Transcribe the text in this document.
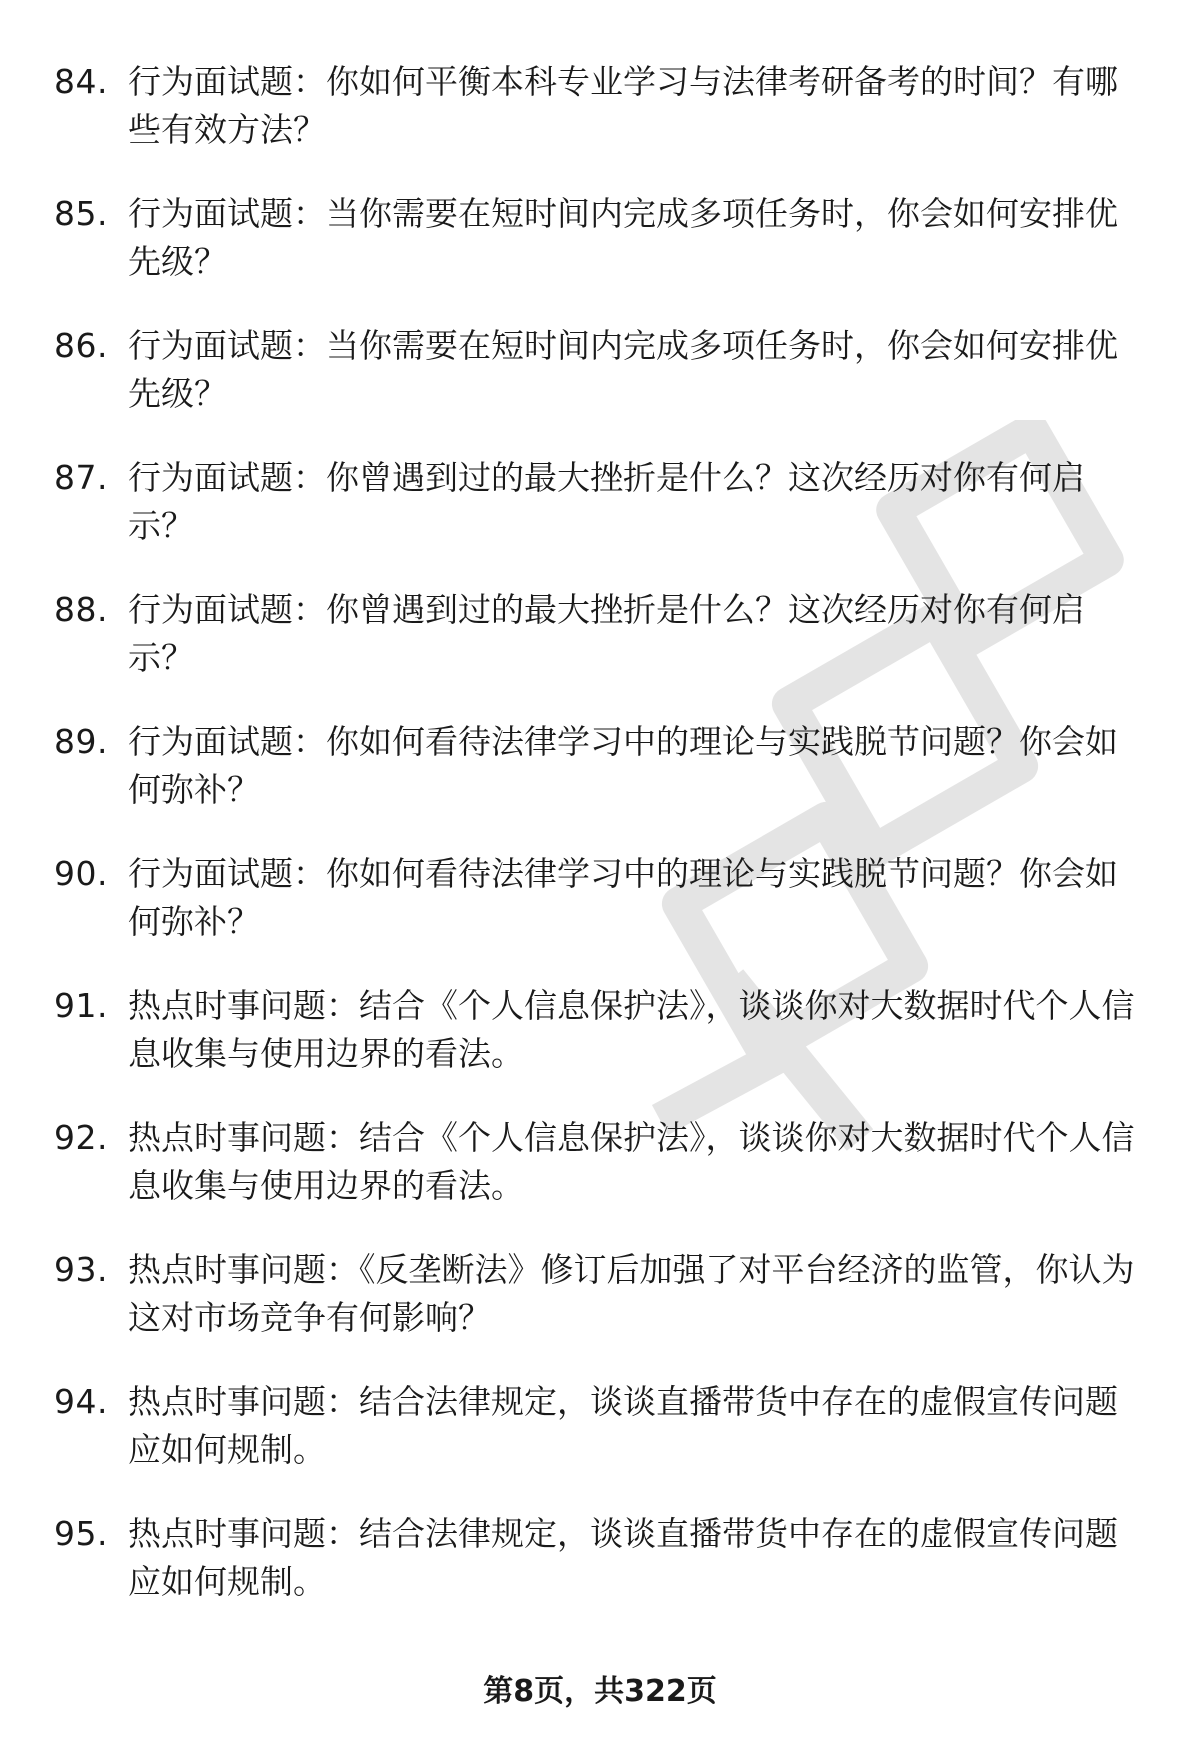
84. 行为面试题：你如何平衡本科专业学习与法律考研备考的时间？有哪些有效方法？
85. 行为面试题：当你需要在短时间内完成多项任务时，你会如何安排优先级？
86. 行为面试题：当你需要在短时间内完成多项任务时，你会如何安排优先级？
87. 行为面试题：你曾遇到过的最大挫折是什么？这次经历对你有何启示？
88. 行为面试题：你曾遇到过的最大挫折是什么？这次经历对你有何启示？
89. 行为面试题：你如何看待法律学习中的理论与实践脱节问题？你会如何弥补？
90. 行为面试题：你如何看待法律学习中的理论与实践脱节问题？你会如何弥补？
91. 热点时事问题：结合《个人信息保护法》，谈谈你对大数据时代个人信息收集与使用边界的看法。
92. 热点时事问题：结合《个人信息保护法》，谈谈你对大数据时代个人信息收集与使用边界的看法。
93. 热点时事问题：《反垄断法》修订后加强了对平台经济的监管，你认为这对市场竞争有何影响？
94. 热点时事问题：结合法律规定，谈谈直播带货中存在的虚假宣传问题应如何规制。
95. 热点时事问题：结合法律规定，谈谈直播带货中存在的虚假宣传问题应如何规制。
第8页，共322页
